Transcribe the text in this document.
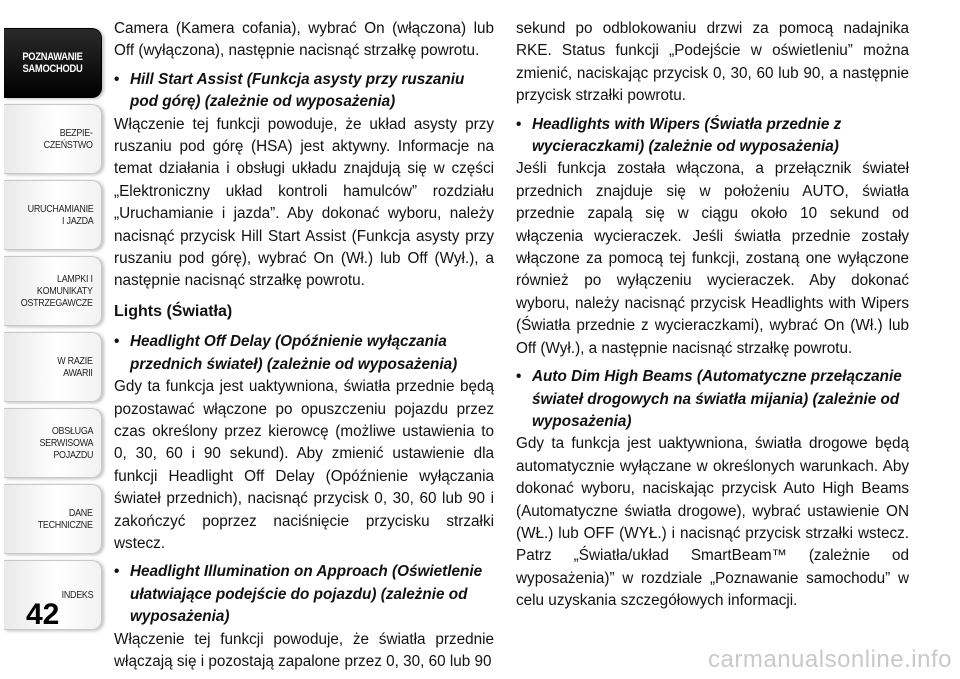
POZNAWANIE
SAMOCHODU
BEZPIE-
CZEŃSTWO
URUCHAMIANIE
I JAZDA
LAMPKI I
KOMUNIKATY
OSTRZEGAWCZE
W RAZIE
AWARII
OBSŁUGA
SERWISOWA
POJAZDU
DANE
TECHNICZNE
INDEKS
42

Camera (Kamera cofania), wybrać On (włączona) lub Off (wyłączona), następnie nacisnąć strzałkę powrotu.

• Hill Start Assist (Funkcja asysty przy ruszaniu pod górę) (zależnie od wyposażenia)

Włączenie tej funkcji powoduje, że układ asysty przy ruszaniu pod górę (HSA) jest aktywny. Informacje na temat działania i obsługi układu znajdują się w części „Elektroniczny układ kontroli hamulców” rozdziału „Uruchamianie i jazda”. Aby dokonać wyboru, należy nacisnąć przycisk Hill Start Assist (Funkcja asysty przy ruszaniu pod górę), wybrać On (Wł.) lub Off (Wył.), a następnie nacisnąć strzałkę powrotu.

Lights (Światła)
• Headlight Off Delay (Opóźnienie wyłączania przednich świateł) (zależnie od wyposażenia)

Gdy ta funkcja jest uaktywniona, światła przednie będą pozostawać włączone po opuszczeniu pojazdu przez czas określony przez kierowcę (możliwe ustawienia to 0, 30, 60 i 90 sekund). Aby zmienić ustawienie dla funkcji Headlight Off Delay (Opóźnienie wyłączania świateł przednich), nacisnąć przycisk 0, 30, 60 lub 90 i zakończyć poprzez naciśnięcie przycisku strzałki wstecz.

• Headlight Illumination on Approach (Oświetlenie ułatwiające podejście do pojazdu) (zależnie od wyposażenia)

Włączenie tej funkcji powoduje, że światła przednie włączają się i pozostają zapalone przez 0, 30, 60 lub 90

sekund po odblokowaniu drzwi za pomocą nadajnika RKE. Status funkcji „Podejście w oświetleniu” można zmienić, naciskając przycisk 0, 30, 60 lub 90, a następnie przycisk strzałki powrotu.

• Headlights with Wipers (Światła przednie z wycieraczkami) (zależnie od wyposażenia)

Jeśli funkcja została włączona, a przełącznik świateł przednich znajduje się w położeniu AUTO, światła przednie zapalą się w ciągu około 10 sekund od włączenia wycieraczek. Jeśli światła przednie zostały włączone za pomocą tej funkcji, zostaną one wyłączone również po wyłączeniu wycieraczek. Aby dokonać wyboru, należy nacisnąć przycisk Headlights with Wipers (Światła przednie z wycieraczkami), wybrać On (Wł.) lub Off (Wył.), a następnie nacisnąć strzałkę powrotu.

• Auto Dim High Beams (Automatyczne przełączanie świateł drogowych na światła mijania) (zależnie od wyposażenia)

Gdy ta funkcja jest uaktywniona, światła drogowe będą automatycznie wyłączane w określonych warunkach. Aby dokonać wyboru, naciskając przycisk Auto High Beams (Automatyczne światła drogowe), wybrać ustawienie ON (WŁ.) lub OFF (WYŁ.) i nacisnąć przycisk strzałki wstecz. Patrz „Światła/układ SmartBeam™ (zależnie od wyposażenia)” w rozdziale „Poznawanie samochodu” w celu uzyskania szczegółowych informacji.

carmanualsonline.info
